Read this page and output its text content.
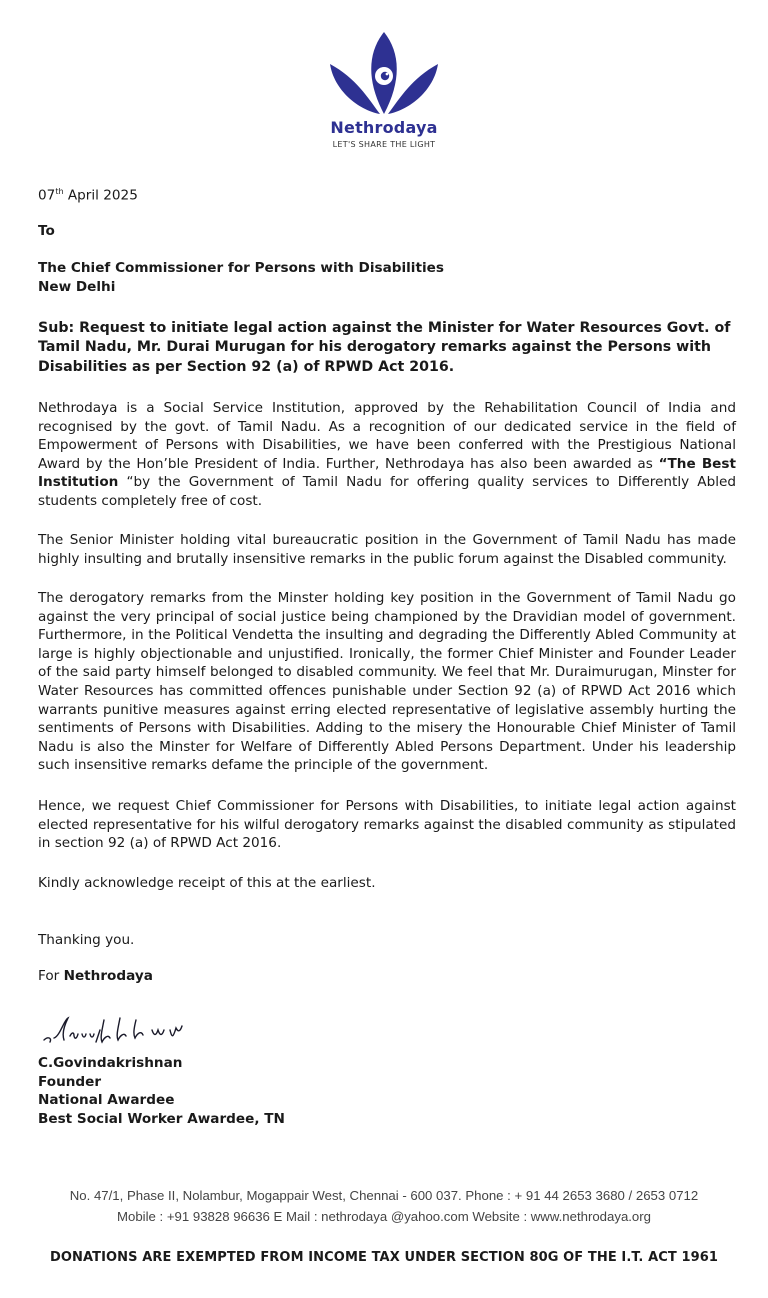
Nethrodaya
LET'S SHARE THE LIGHT
07th April 2025
To
The Chief Commissioner for Persons with Disabilities
New Delhi
Sub: Request to initiate legal action against the Minister for Water Resources Govt. of Tamil Nadu, Mr. Durai Murugan for his derogatory remarks against the Persons with Disabilities as per Section 92 (a) of RPWD Act 2016.
Nethrodaya is a Social Service Institution, approved by the Rehabilitation Council of India and recognised by the govt. of Tamil Nadu. As a recognition of our dedicated service in the field of Empowerment of Persons with Disabilities, we have been conferred with the Prestigious National Award by the Hon’ble President of India. Further, Nethrodaya has also been awarded as “The Best Institution “by the Government of Tamil Nadu for offering quality services to Differently Abled students completely free of cost.
The Senior Minister holding vital bureaucratic position in the Government of Tamil Nadu has made highly insulting and brutally insensitive remarks in the public forum against the Disabled community.
The derogatory remarks from the Minster holding key position in the Government of Tamil Nadu go against the very principal of social justice being championed by the Dravidian model of government. Furthermore, in the Political Vendetta the insulting and degrading the Differently Abled Community at large is highly objectionable and unjustified. Ironically, the former Chief Minister and Founder Leader of the said party himself belonged to disabled community. We feel that Mr. Duraimurugan, Minster for Water Resources has committed offences punishable under Section 92 (a) of RPWD Act 2016 which warrants punitive measures against erring elected representative of legislative assembly hurting the sentiments of Persons with Disabilities. Adding to the misery the Honourable Chief Minister of Tamil Nadu is also the Minster for Welfare of Differently Abled Persons Department. Under his leadership such insensitive remarks defame the principle of the government.
Hence, we request Chief Commissioner for Persons with Disabilities, to initiate legal action against elected representative for his wilful derogatory remarks against the disabled community as stipulated in section 92 (a) of RPWD Act 2016.
Kindly acknowledge receipt of this at the earliest.
Thanking you.
For Nethrodaya
C.Govindakrishnan
Founder
National Awardee
Best Social Worker Awardee, TN
No. 47/1, Phase II, Nolambur, Mogappair West, Chennai - 600 037. Phone : + 91 44 2653 3680 / 2653 0712
Mobile : +91 93828 96636 E Mail : nethrodaya @yahoo.com Website : www.nethrodaya.org
DONATIONS ARE EXEMPTED FROM INCOME TAX UNDER SECTION 80G OF THE I.T. ACT 1961
